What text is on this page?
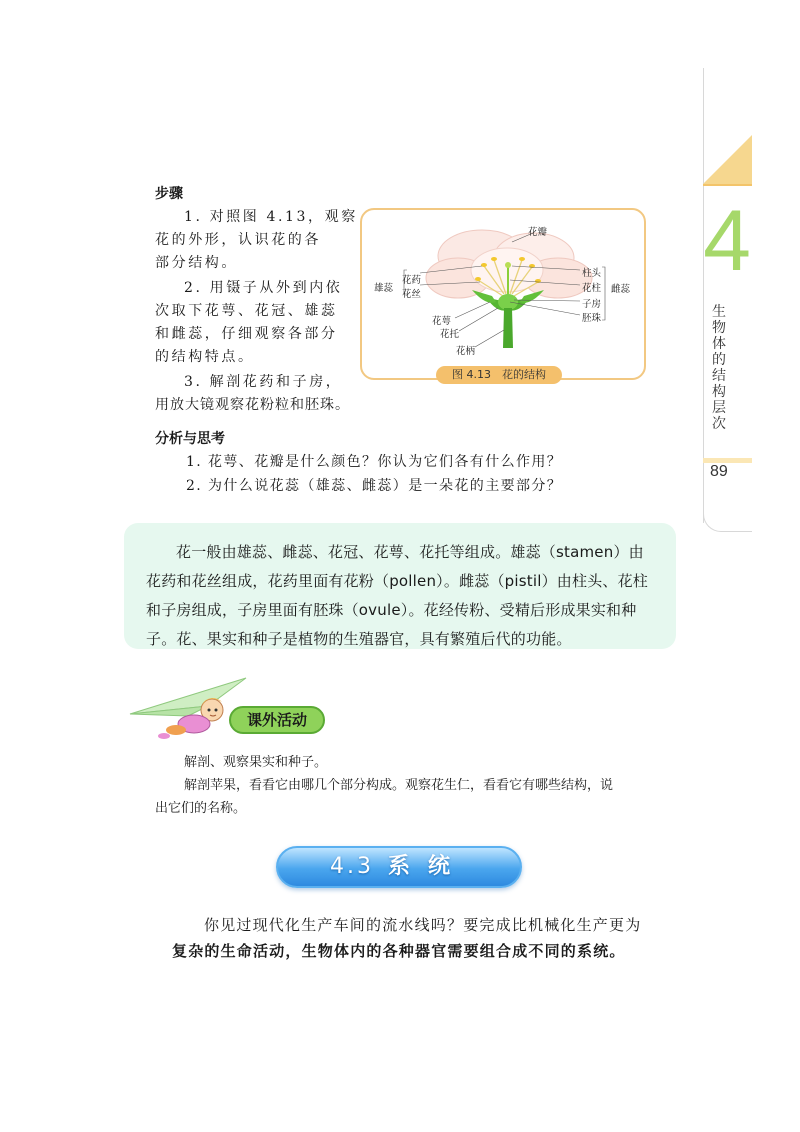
4
生
物
体
的
结
构
层
次
89
步骤
1. 对照图 4.13，观察
花的外形，认识花的各
部分结构。
2. 用镊子从外到内依
次取下花萼、花冠、雄蕊
和雌蕊，仔细观察各部分
的结构特点。
3. 解剖花药和子房，
用放大镜观察花粉粒和胚珠。
花瓣
雄蕊
花药
花丝
花萼
花托
花柄
柱头
花柱
子房
胚珠
雌蕊
图 4.13　花的结构
分析与思考
1. 花萼、花瓣是什么颜色？你认为它们各有什么作用？
2. 为什么说花蕊（雄蕊、雌蕊）是一朵花的主要部分？
花一般由雄蕊、雌蕊、花冠、花萼、花托等组成。雄蕊（stamen）由
花药和花丝组成，花药里面有花粉（pollen）。雌蕊（pistil）由柱头、花柱
和子房组成，子房里面有胚珠（ovule）。花经传粉、受精后形成果实和种
子。花、果实和种子是植物的生殖器官，具有繁殖后代的功能。
课外活动
解剖、观察果实和种子。
解剖苹果，看看它由哪几个部分构成。观察花生仁，看看它有哪些结构，说
出它们的名称。
4.3 系统
你见过现代化生产车间的流水线吗？要完成比机械化生产更为
复杂的生命活动，生物体内的各种器官需要组合成不同的系统。
